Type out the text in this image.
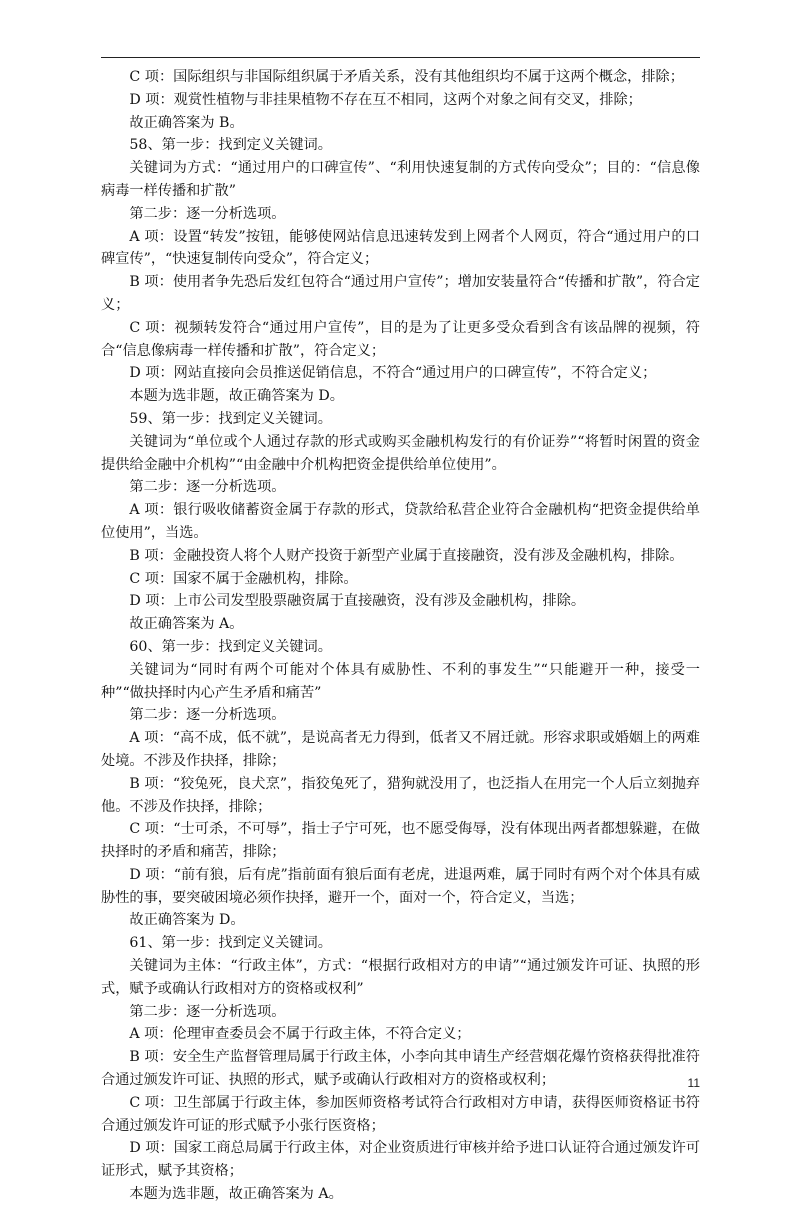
C 项：国际组织与非国际组织属于矛盾关系，没有其他组织均不属于这两个概念，排除；

D 项：观赏性植物与非挂果植物不存在互不相同，这两个对象之间有交叉，排除；

故正确答案为 B。

58、第一步：找到定义关键词。

关键词为方式：“通过用户的口碑宣传”、“利用快速复制的方式传向受众”；目的：“信息像病毒一样传播和扩散”

第二步：逐一分析选项。

A 项：设置“转发”按钮，能够使网站信息迅速转发到上网者个人网页，符合“通过用户的口碑宣传”，“快速复制传向受众”，符合定义；

B 项：使用者争先恐后发红包符合“通过用户宣传”；增加安装量符合“传播和扩散”，符合定义；

C 项：视频转发符合“通过用户宣传”，目的是为了让更多受众看到含有该品牌的视频，符合“信息像病毒一样传播和扩散”，符合定义；

D 项：网站直接向会员推送促销信息，不符合“通过用户的口碑宣传”，不符合定义；

本题为选非题，故正确答案为 D。

59、第一步：找到定义关键词。

关键词为“单位或个人通过存款的形式或购买金融机构发行的有价证券”“将暂时闲置的资金提供给金融中介机构”“由金融中介机构把资金提供给单位使用”。

第二步：逐一分析选项。

A 项：银行吸收储蓄资金属于存款的形式，贷款给私营企业符合金融机构“把资金提供给单位使用”，当选。

B 项：金融投资人将个人财产投资于新型产业属于直接融资，没有涉及金融机构，排除。

C 项：国家不属于金融机构，排除。

D 项：上市公司发型股票融资属于直接融资，没有涉及金融机构，排除。

故正确答案为 A。

60、第一步：找到定义关键词。

关键词为“同时有两个可能对个体具有威胁性、不利的事发生”“只能避开一种，接受一种”“做抉择时内心产生矛盾和痛苦”

第二步：逐一分析选项。

A 项：“高不成，低不就”，是说高者无力得到，低者又不屑迁就。形容求职或婚姻上的两难处境。不涉及作抉择，排除；

B 项：“狡兔死，良犬烹”，指狡兔死了，猎狗就没用了，也泛指人在用完一个人后立刻抛弃他。不涉及作抉择，排除；

C 项：“士可杀，不可辱”，指士子宁可死，也不愿受侮辱，没有体现出两者都想躲避，在做抉择时的矛盾和痛苦，排除；

D 项：“前有狼，后有虎”指前面有狼后面有老虎，进退两难，属于同时有两个对个体具有威胁性的事，要突破困境必须作抉择，避开一个，面对一个，符合定义，当选；

故正确答案为 D。

61、第一步：找到定义关键词。

关键词为主体：“行政主体”，方式：“根据行政相对方的申请”“通过颁发许可证、执照的形式，赋予或确认行政相对方的资格或权利”

第二步：逐一分析选项。

A 项：伦理审查委员会不属于行政主体，不符合定义；

B 项：安全生产监督管理局属于行政主体，小李向其申请生产经营烟花爆竹资格获得批准符合通过颁发许可证、执照的形式，赋予或确认行政相对方的资格或权利；

C 项：卫生部属于行政主体，参加医师资格考试符合行政相对方申请，获得医师资格证书符合通过颁发许可证的形式赋予小张行医资格；

D 项：国家工商总局属于行政主体，对企业资质进行审核并给予进口认证符合通过颁发许可证形式，赋予其资格；

本题为选非题，故正确答案为 A。

11
